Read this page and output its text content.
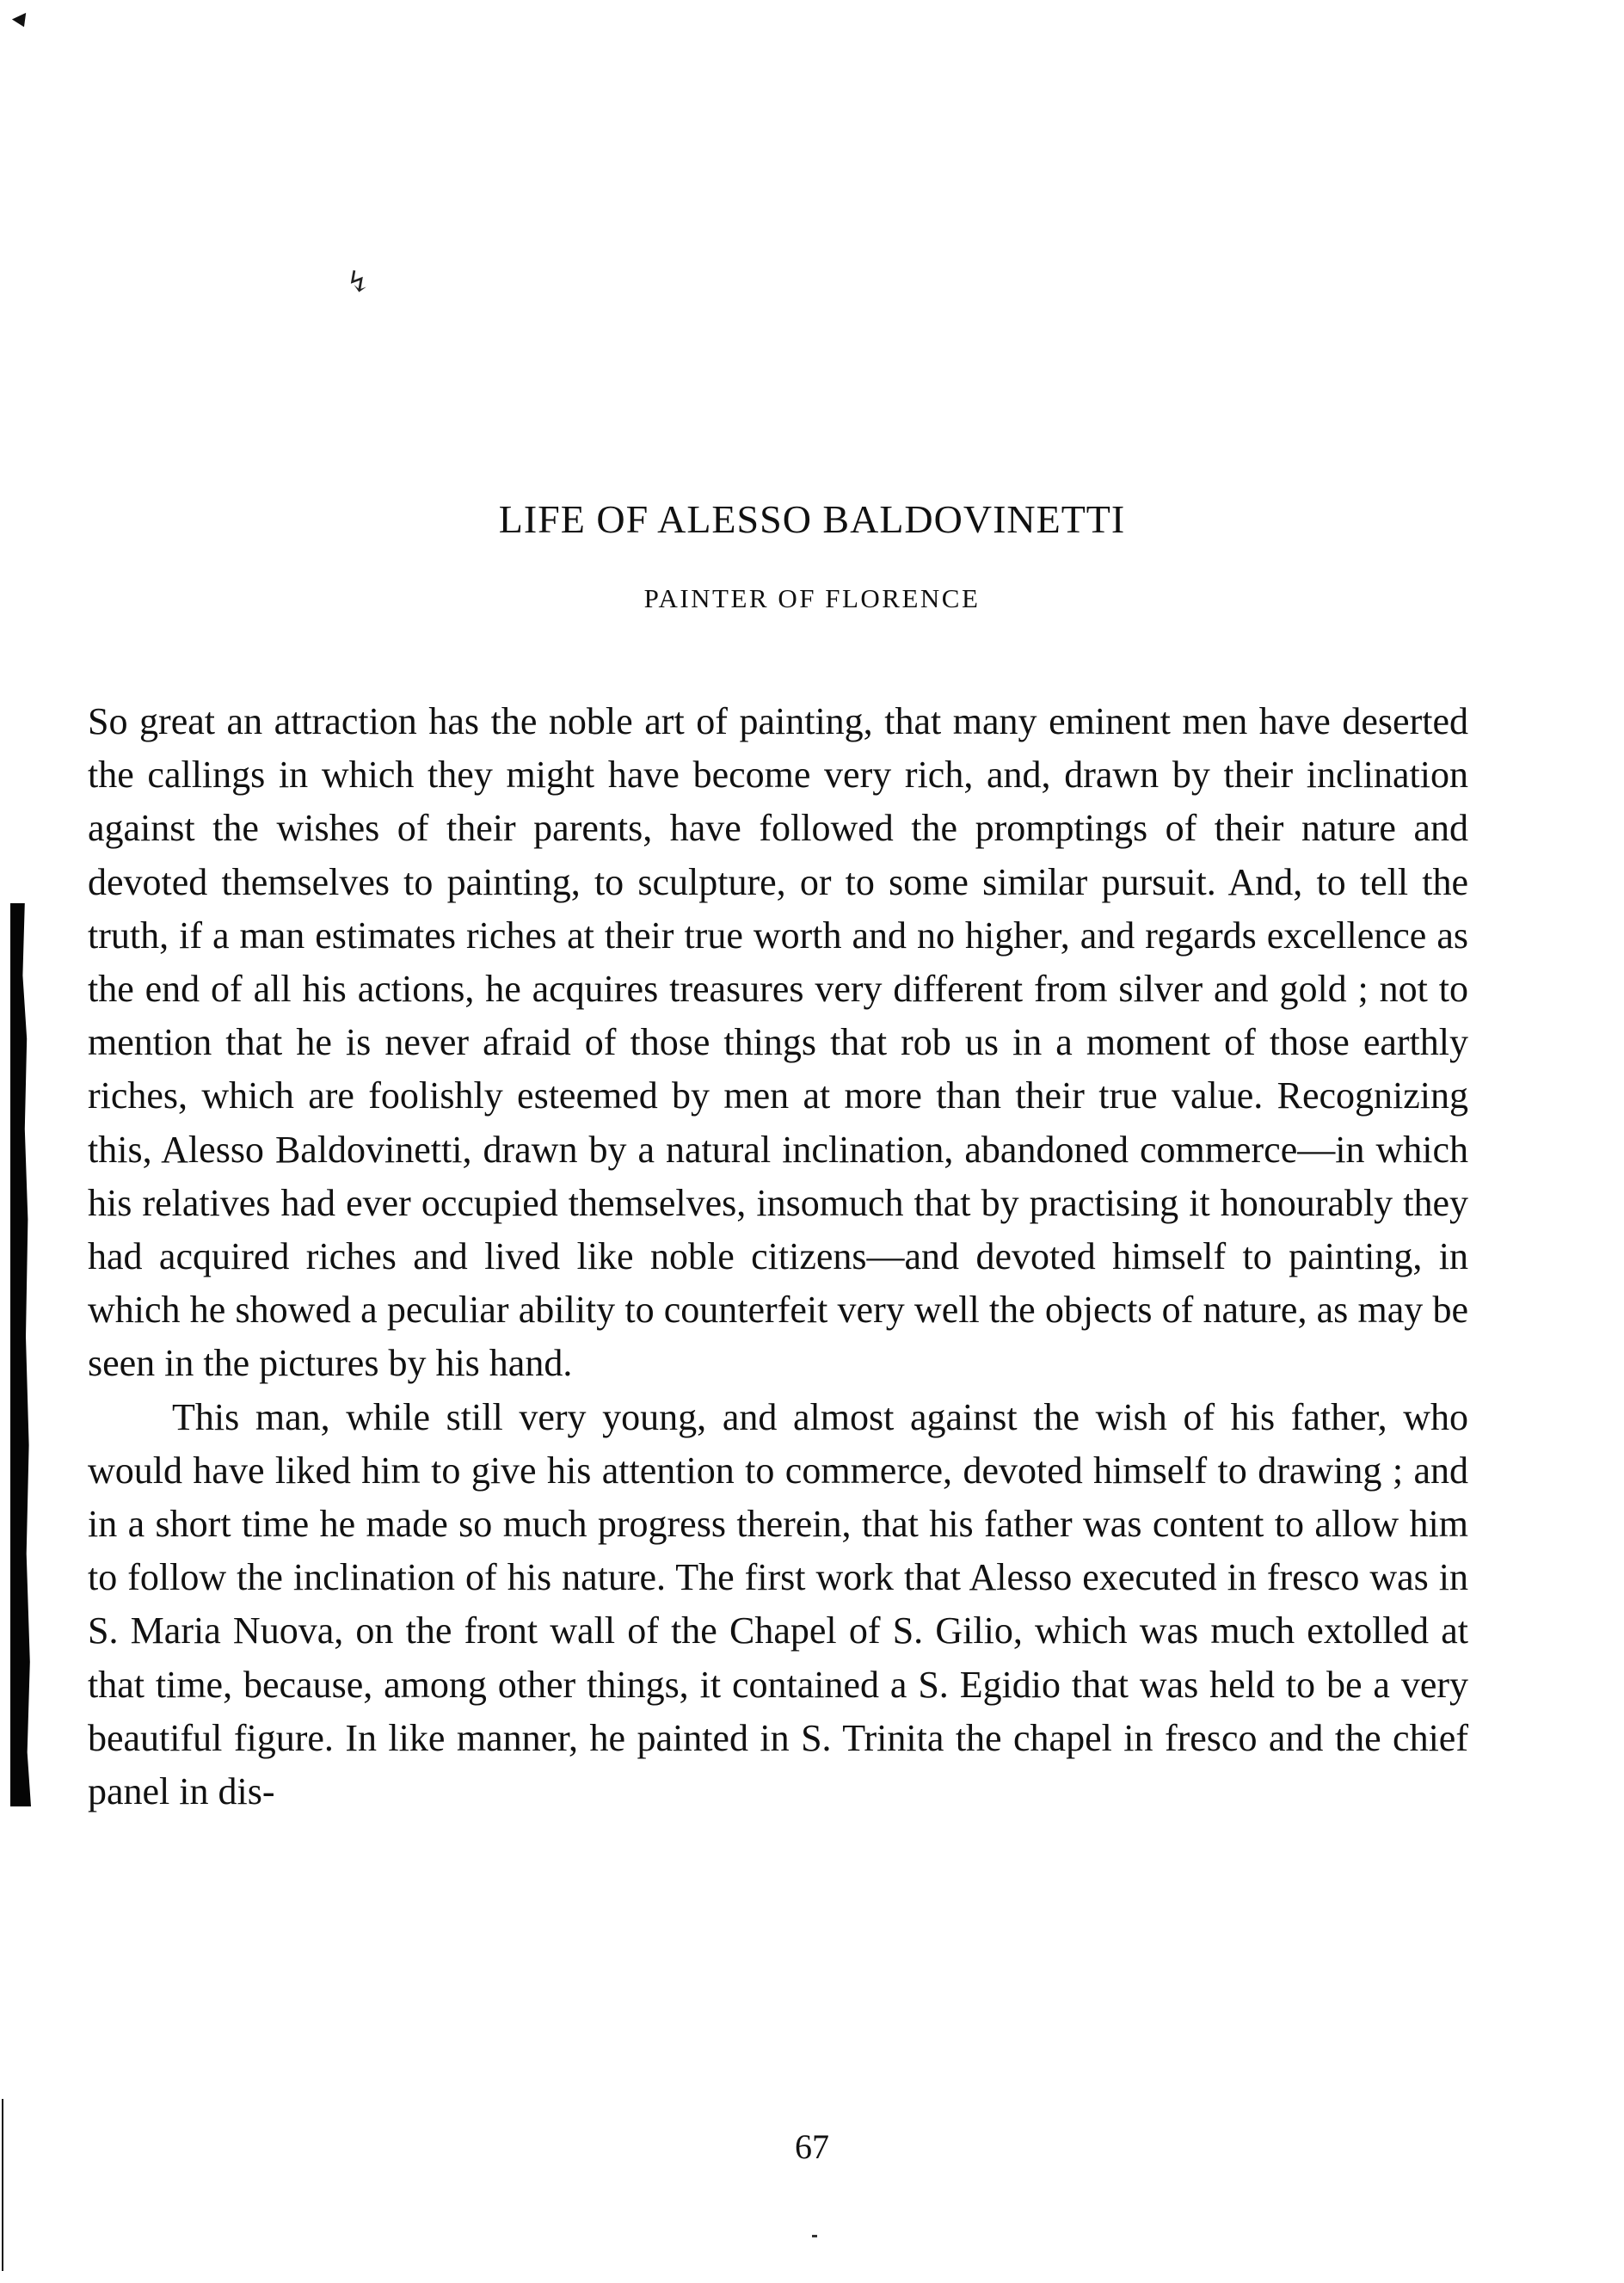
↯
LIFE OF ALESSO BALDOVINETTI
PAINTER OF FLORENCE

So great an attraction has the noble art of painting, that many eminent men have deserted the callings in which they might have become very rich, and, drawn by their inclination against the wishes of their parents, have followed the promptings of their nature and devoted themselves to painting, to sculpture, or to some similar pursuit. And, to tell the truth, if a man estimates riches at their true worth and no higher, and regards excellence as the end of all his actions, he acquires treasures very different from silver and gold ; not to mention that he is never afraid of those things that rob us in a moment of those earthly riches, which are foolishly esteemed by men at more than their true value. Recognizing this, Alesso Baldovinetti, drawn by a natural inclination, abandoned commerce—in which his relatives had ever occupied themselves, insomuch that by practising it honourably they had acquired riches and lived like noble citizens—and devoted himself to painting, in which he showed a peculiar ability to counterfeit very well the objects of nature, as may be seen in the pictures by his hand.

This man, while still very young, and almost against the wish of his father, who would have liked him to give his attention to commerce, devoted himself to drawing ; and in a short time he made so much progress therein, that his father was content to allow him to follow the inclination of his nature. The first work that Alesso executed in fresco was in S. Maria Nuova, on the front wall of the Chapel of S. Gilio, which was much extolled at that time, because, among other things, it contained a S. Egidio that was held to be a very beautiful figure. In like manner, he painted in S. Trinita the chapel in fresco and the chief panel in dis-

67
